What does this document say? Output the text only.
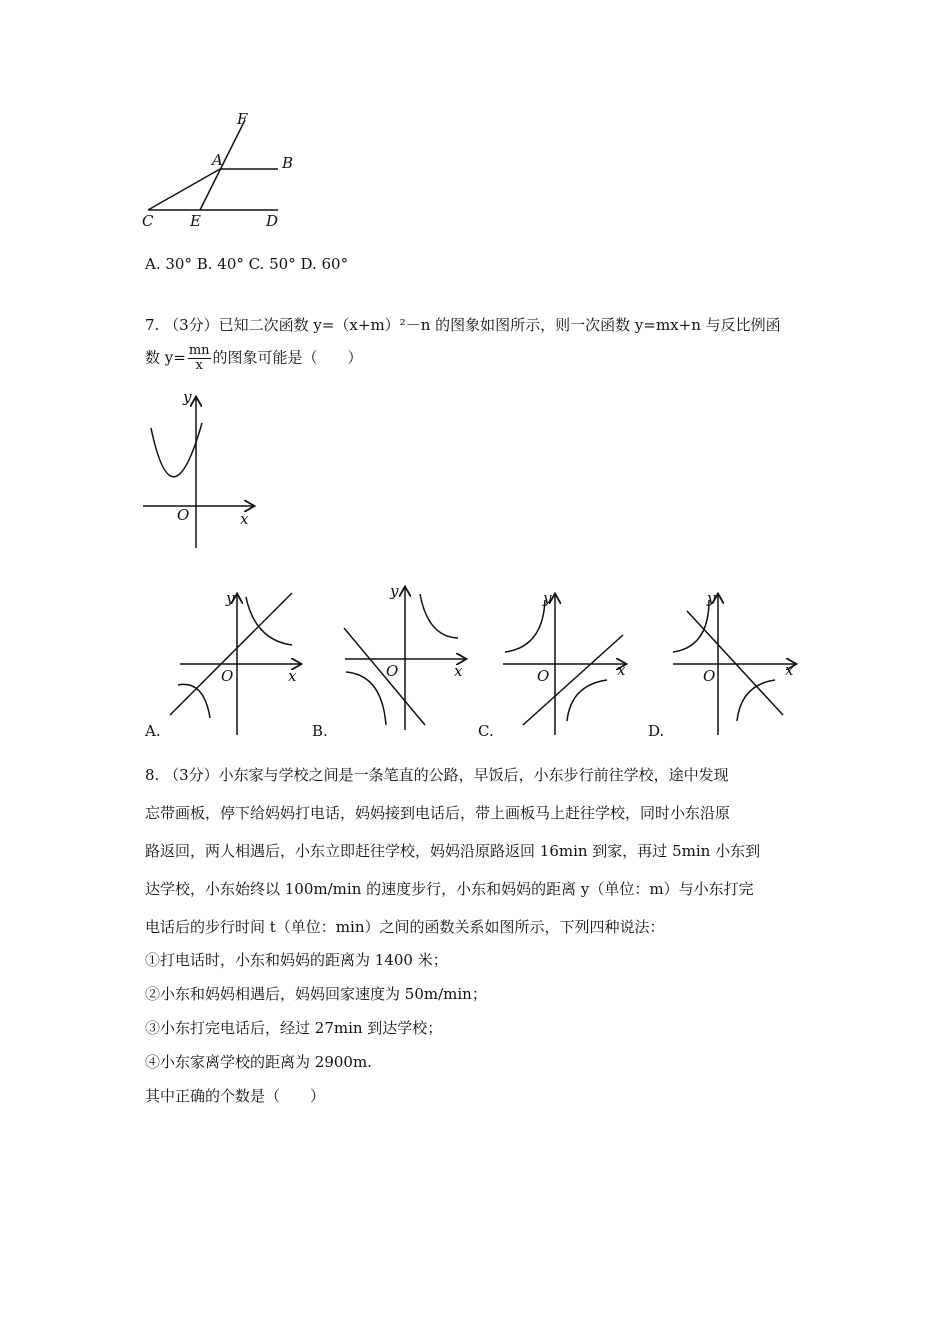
F
A	B
C E	D
A. 30° B. 40° C. 50° D. 60°
7. （3分）已知二次函数 y=（x+m）²－n 的图象如图所示，则一次函数 y=mx+n 与反比例函
数 $y= \frac{mn}{x}$ 的图象可能是（　　）
y
x
O
y
x
O
A.
y
x
O
B.
y
x
O
C.
y
x
O
D.
8. （3分）小东家与学校之间是一条笔直的公路，早饭后，小东步行前往学校，途中发现
忘带画板，停下给妈妈打电话，妈妈接到电话后，带上画板马上赶往学校，同时小东沿原
路返回，两人相遇后，小东立即赶往学校，妈妈沿原路返回 16min 到家，再过 5min 小东到
达学校，小东始终以 100m/min 的速度步行，小东和妈妈的距离 y（单位：m）与小东打完
电话后的步行时间 t（单位：min）之间的函数关系如图所示，下列四种说法：
①打电话时，小东和妈妈的距离为 1400 米；
②小东和妈妈相遇后，妈妈回家速度为 50m/min；
③小东打完电话后，经过 27min 到达学校；
④小东家离学校的距离为 2900m.
其中正确的个数是（　　）
